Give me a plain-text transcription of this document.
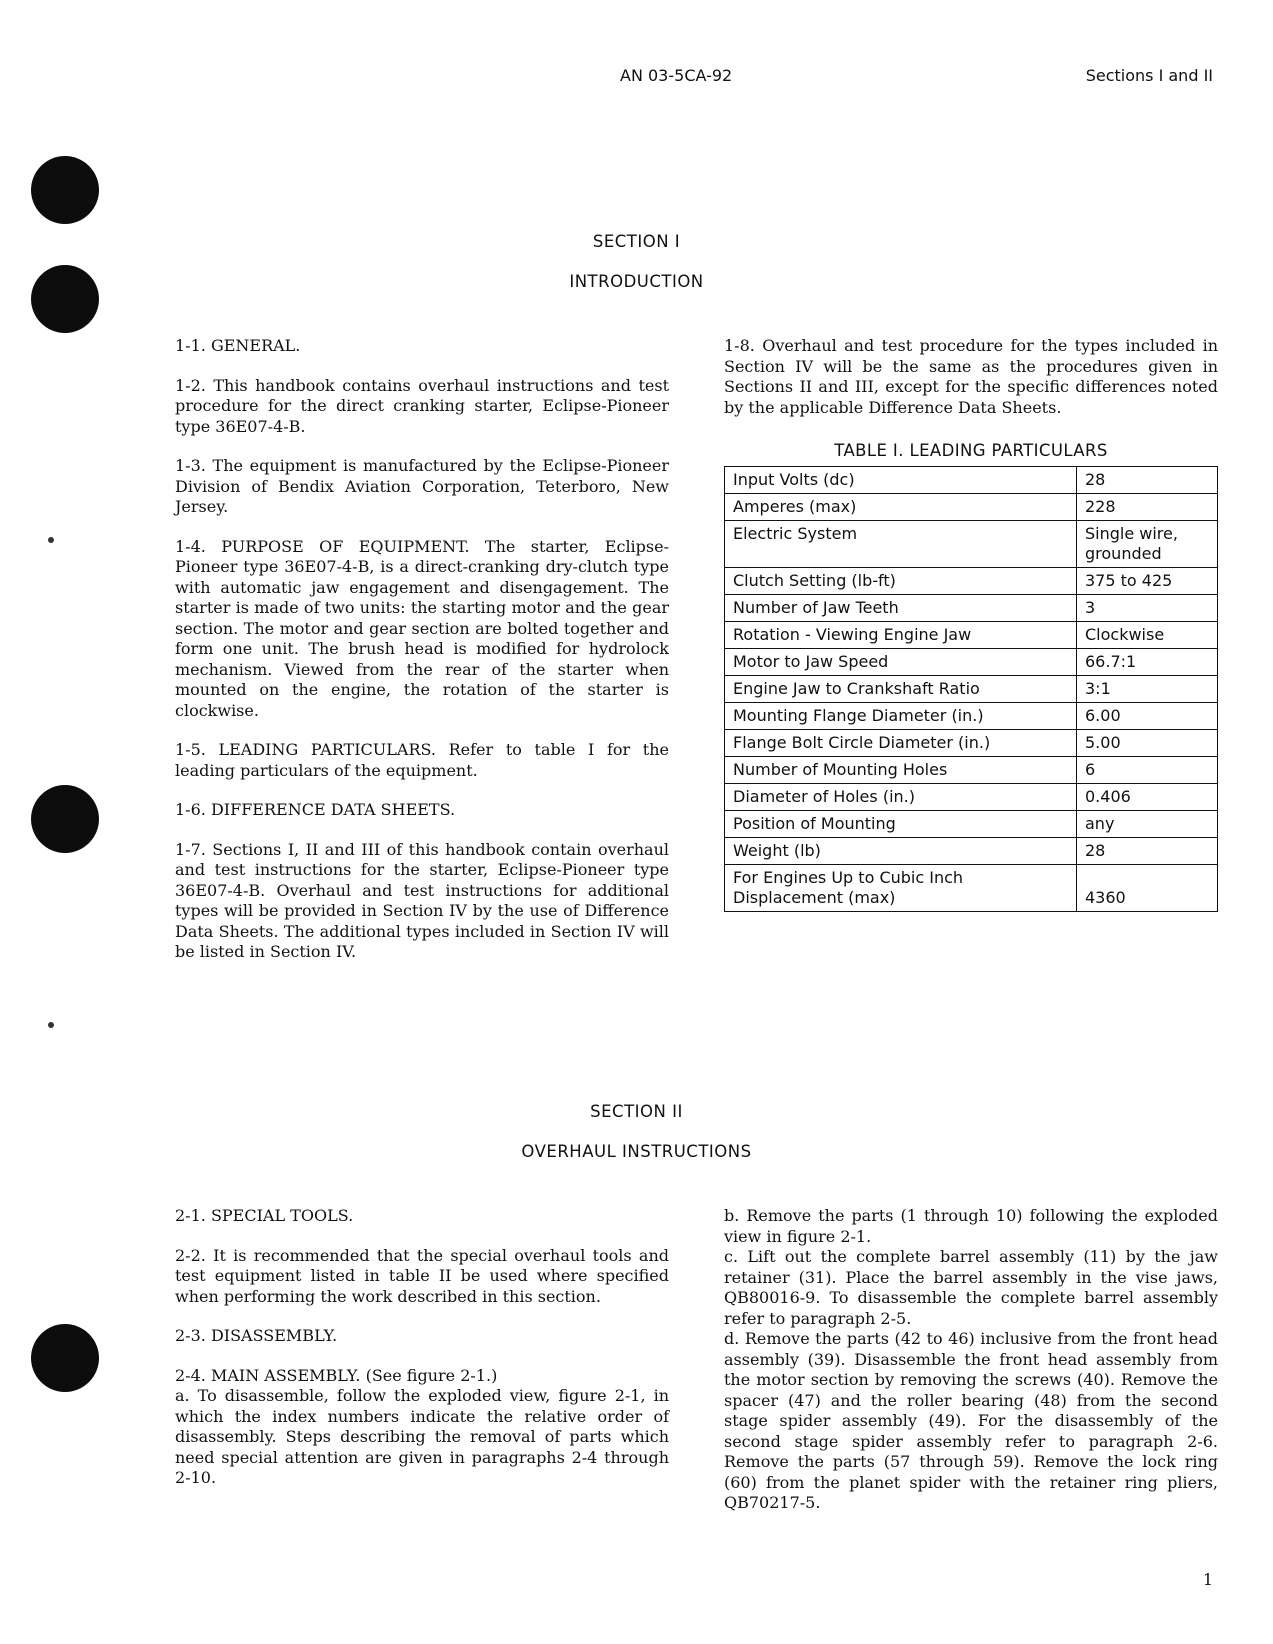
AN 03-5CA-92	Sections I and II
SECTION I
INTRODUCTION

1-1. GENERAL.

1-2. This handbook contains overhaul instructions and test procedure for the direct cranking starter, Eclipse-Pioneer type 36E07-4-B.

1-3. The equipment is manufactured by the Eclipse-Pioneer Division of Bendix Aviation Corporation, Teterboro, New Jersey.

1-4. PURPOSE OF EQUIPMENT. The starter, Eclipse-Pioneer type 36E07-4-B, is a direct-cranking dry-clutch type with automatic jaw engagement and disengagement. The starter is made of two units: the starting motor and the gear section. The motor and gear section are bolted together and form one unit. The brush head is modified for hydrolock mechanism. Viewed from the rear of the starter when mounted on the engine, the rotation of the starter is clockwise.

1-5. LEADING PARTICULARS. Refer to table I for the leading particulars of the equipment.

1-6. DIFFERENCE DATA SHEETS.

1-7. Sections I, II and III of this handbook contain overhaul and test instructions for the starter, Eclipse-Pioneer type 36E07-4-B. Overhaul and test instructions for additional types will be provided in Section IV by the use of Difference Data Sheets. The additional types included in Section IV will be listed in Section IV.

1-8. Overhaul and test procedure for the types included in Section IV will be the same as the procedures given in Sections II and III, except for the specific differences noted by the applicable Difference Data Sheets.

TABLE I. LEADING PARTICULARS
Input Volts (dc)	28
Amperes (max)	228
Electric System	Single wire, grounded
Clutch Setting (lb-ft)	375 to 425
Number of Jaw Teeth	3
Rotation - Viewing Engine Jaw	Clockwise
Motor to Jaw Speed	66.7:1
Engine Jaw to Crankshaft Ratio	3:1
Mounting Flange Diameter (in.)	6.00
Flange Bolt Circle Diameter (in.)	5.00
Number of Mounting Holes	6
Diameter of Holes (in.)	0.406
Position of Mounting	any
Weight (lb)	28
For Engines Up to Cubic Inch Displacement (max)	4360
SECTION II
OVERHAUL INSTRUCTIONS

2-1. SPECIAL TOOLS.

2-2. It is recommended that the special overhaul tools and test equipment listed in table II be used where specified when performing the work described in this section.

2-3. DISASSEMBLY.

2-4. MAIN ASSEMBLY. (See figure 2-1.)

a. To disassemble, follow the exploded view, figure 2-1, in which the index numbers indicate the relative order of disassembly. Steps describing the removal of parts which need special attention are given in paragraphs 2-4 through 2-10.

b. Remove the parts (1 through 10) following the exploded view in figure 2-1.

c. Lift out the complete barrel assembly (11) by the jaw retainer (31). Place the barrel assembly in the vise jaws, QB80016-9. To disassemble the complete barrel assembly refer to paragraph 2-5.

d. Remove the parts (42 to 46) inclusive from the front head assembly (39). Disassemble the front head assembly from the motor section by removing the screws (40). Remove the spacer (47) and the roller bearing (48) from the second stage spider assembly (49). For the disassembly of the second stage spider assembly refer to paragraph 2-6. Remove the parts (57 through 59). Remove the lock ring (60) from the planet spider with the retainer ring pliers, QB70217-5.

1
